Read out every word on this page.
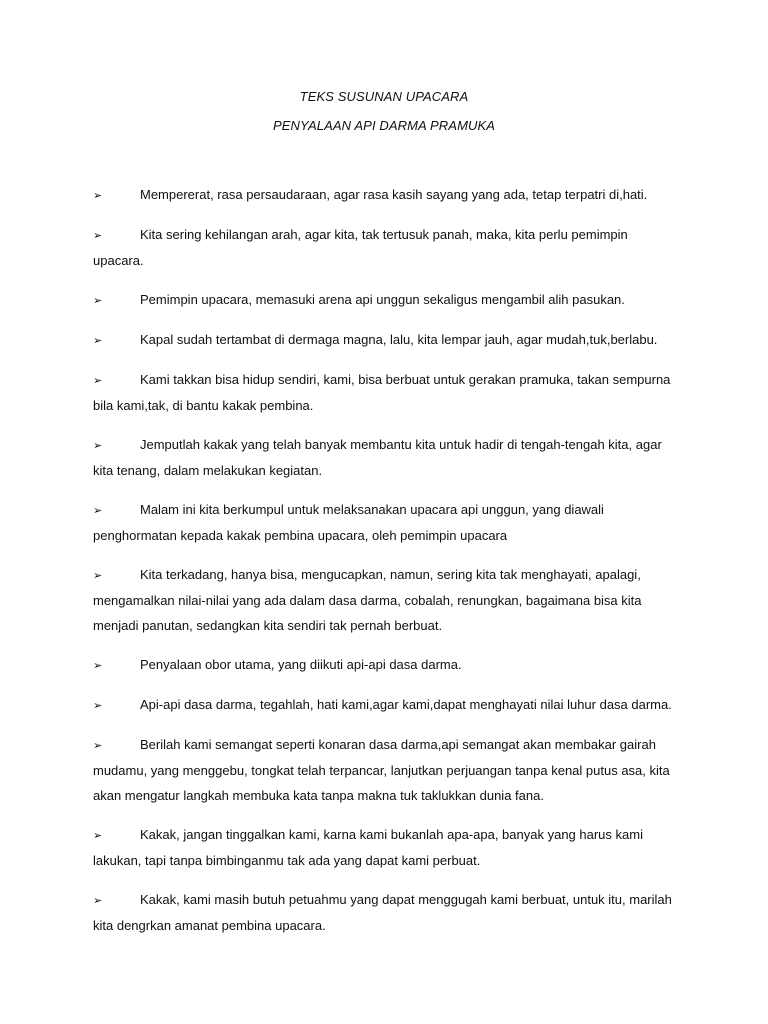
TEKS SUSUNAN UPACARA
PENYALAAN API DARMA PRAMUKA
➢	Mempererat, rasa persaudaraan, agar rasa kasih sayang yang ada, tetap terpatri di,hati.
➢	Kita sering kehilangan arah, agar kita, tak tertusuk panah, maka, kita perlu pemimpin upacara.
➢	Pemimpin upacara, memasuki arena api unggun sekaligus mengambil alih pasukan.
➢	Kapal sudah tertambat di dermaga magna, lalu, kita lempar jauh, agar mudah,tuk,berlabu.
➢	Kami takkan bisa hidup sendiri, kami, bisa berbuat untuk gerakan pramuka, takan sempurna bila kami,tak, di bantu kakak pembina.
➢	Jemputlah kakak yang telah banyak membantu kita untuk hadir di tengah-tengah kita, agar kita tenang, dalam melakukan kegiatan.
➢	Malam ini kita berkumpul untuk melaksanakan upacara api unggun, yang diawali penghormatan kepada kakak pembina upacara, oleh pemimpin upacara
➢	Kita terkadang, hanya bisa, mengucapkan, namun, sering kita tak menghayati, apalagi, mengamalkan nilai-nilai yang ada dalam dasa darma, cobalah, renungkan, bagaimana bisa kita menjadi panutan, sedangkan kita sendiri tak pernah berbuat.
➢	Penyalaan obor utama, yang diikuti api-api dasa darma.
➢	Api-api dasa darma, tegahlah, hati kami,agar kami,dapat menghayati nilai luhur dasa darma.
➢	Berilah kami semangat seperti konaran dasa darma,api semangat akan membakar gairah mudamu, yang menggebu, tongkat telah terpancar, lanjutkan perjuangan tanpa kenal putus asa, kita akan mengatur langkah membuka kata tanpa makna tuk taklukkan dunia fana.
➢	Kakak, jangan tinggalkan kami, karna kami bukanlah apa-apa, banyak yang harus kami lakukan, tapi tanpa bimbinganmu tak ada yang dapat kami perbuat.
➢	Kakak, kami masih butuh petuahmu yang dapat menggugah kami berbuat, untuk itu, marilah kita dengrkan amanat pembina upacara.
